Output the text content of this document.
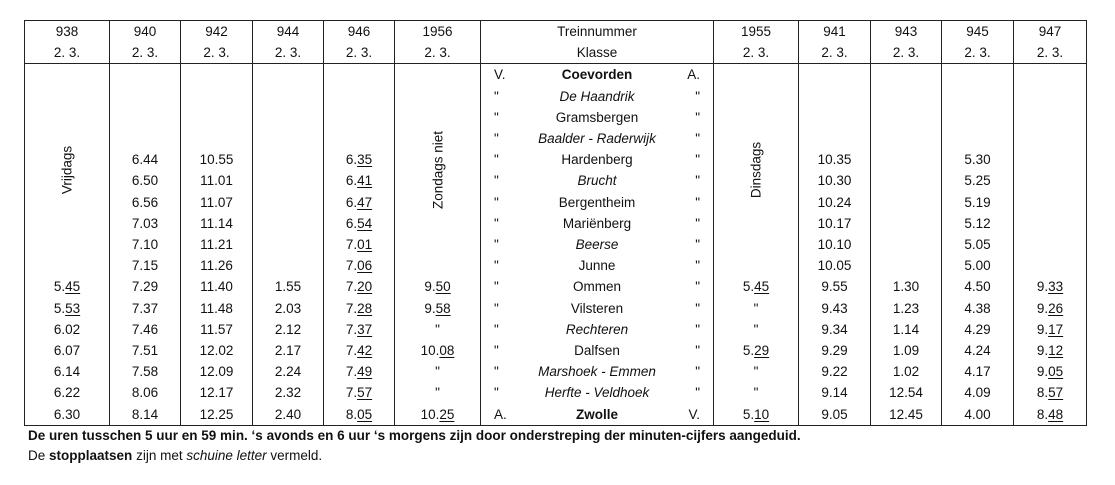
938	940	942	944	946	1956	Treinnummer	1955	941	943	945	947
2. 3.	2. 3.	2. 3.	2. 3.	2. 3.	2. 3.	Klasse	2. 3.	2. 3.	2. 3.	2. 3.	2. 3.

Vrijdags					Zondags niet	V. Coevorden A.	Dinsdags				

						" De Haandrik "					

						" Gramsbergen "					

						" Baalder - Raderwijk "					

	6.44	10.55		6.35		" Hardenberg "		10.35		5.30	
	6.50	11.01		6.41		" Brucht "		10.30		5.25	
	6.56	11.07		6.47		" Bergentheim "		10.24		5.19	
	7.03	11.14		6.54		" Mariënberg "		10.17		5.12	
	7.10	11.21		7.01		" Beerse "		10.10		5.05	
	7.15	11.26		7.06		" Junne "		10.05		5.00	
5.45	7.29	11.40	1.55	7.20	9.50	" Ommen "	5.45	9.55	1.30	4.50	9.33
5.53	7.37	11.48	2.03	7.28	9.58	" Vilsteren "	"	9.43	1.23	4.38	9.26
6.02	7.46	11.57	2.12	7.37	"	" Rechteren "	"	9.34	1.14	4.29	9.17
6.07	7.51	12.02	2.17	7.42	10.08	" Dalfsen "	5.29	9.29	1.09	4.24	9.12
6.14	7.58	12.09	2.24	7.49	"	" Marshoek - Emmen "	"	9.22	1.02	4.17	9.05
6.22	8.06	12.17	2.32	7.57	"	" Herfte - Veldhoek "	"	9.14	12.54	4.09	8.57
6.30	8.14	12.25	2.40	8.05	10.25	A. Zwolle V.	5.10	9.05	12.45	4.00	8.48
De uren tusschen 5 uur en 59 min. ‘s avonds en 6 uur ‘s morgens zijn door onderstreping der minuten-cijfers aangeduid.
De stopplaatsen zijn met schuine letter vermeld.
